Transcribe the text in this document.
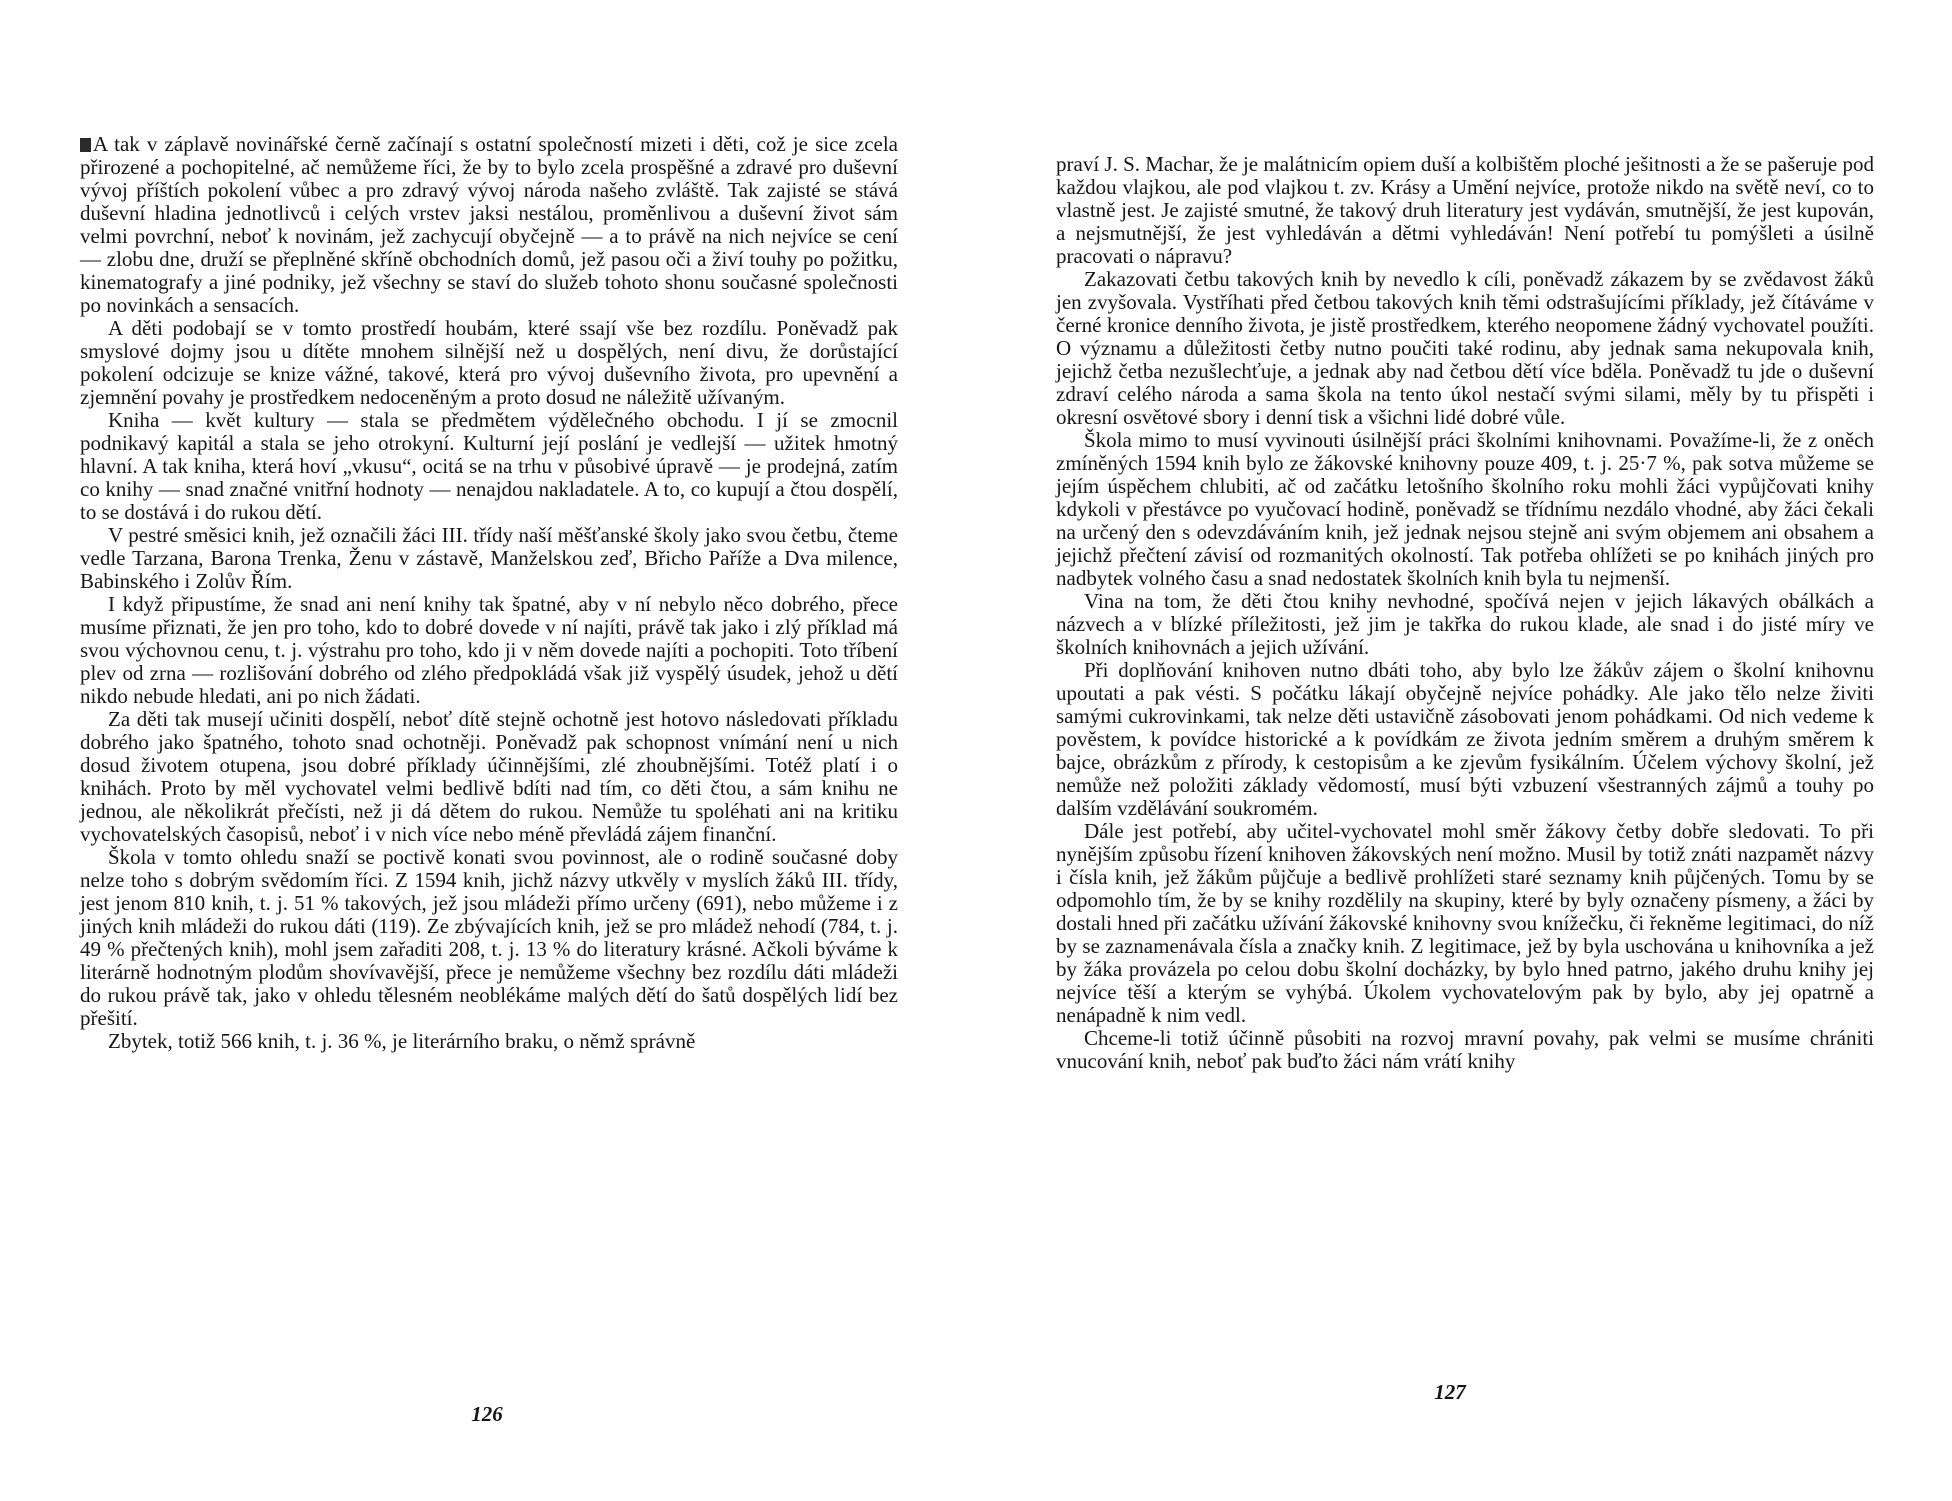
A tak v záplavě novinářské černě začínají s ostatní společností mizeti i děti, což je sice zcela přirozené a pochopitelné, ač nemůžeme říci, že by to bylo zcela prospěšné a zdravé pro duševní vývoj příštích pokolení vůbec a pro zdravý vývoj národa našeho zvláště. Tak zajisté se stává duševní hladina jednotlivců i celých vrstev jaksi nestálou, proměnlivou a duševní život sám velmi povrchní, neboť k novinám, jež zachycují obyčejně — a to právě na nich nejvíce se cení — zlobu dne, druží se přeplněné skříně obchodních domů, jež pasou oči a živí touhy po požitku, kinematografy a jiné podniky, jež všechny se staví do služeb tohoto shonu současné společnosti po novinkách a sensacích.

A děti podobají se v tomto prostředí houbám, které ssají vše bez rozdílu. Poněvadž pak smyslové dojmy jsou u dítěte mnohem silnější než u dospělých, není divu, že dorůstající pokolení odcizuje se knize vážné, takové, která pro vývoj duševního života, pro upevnění a zjemnění povahy je prostředkem nedoceněným a proto dosud ne náležitě užívaným.

Kniha — květ kultury — stala se předmětem výdělečného obchodu. I jí se zmocnil podnikavý kapitál a stala se jeho otrokyní. Kulturní její poslání je vedlejší — užitek hmotný hlavní. A tak kniha, která hoví „vkusu“, ocitá se na trhu v působivé úpravě — je prodejná, zatím co knihy — snad značné vnitřní hodnoty — nenajdou nakladatele. A to, co kupují a čtou dospělí, to se dostává i do rukou dětí.

V pestré směsici knih, jež označili žáci III. třídy naší měšťanské školy jako svou četbu, čteme vedle Tarzana, Barona Trenka, Ženu v zástavě, Manželskou zeď, Břicho Paříže a Dva milence, Babinského i Zolův Řím.

I když připustíme, že snad ani není knihy tak špatné, aby v ní nebylo něco dobrého, přece musíme přiznati, že jen pro toho, kdo to dobré dovede v ní najíti, právě tak jako i zlý příklad má svou výchovnou cenu, t. j. výstrahu pro toho, kdo ji v něm dovede najíti a pochopiti. Toto tříbení plev od zrna — rozlišování dobrého od zlého předpokládá však již vyspělý úsudek, jehož u dětí nikdo nebude hledati, ani po nich žádati.

Za děti tak musejí učiniti dospělí, neboť dítě stejně ochotně jest hotovo následovati příkladu dobrého jako špatného, tohoto snad ochotněji. Poněvadž pak schopnost vnímání není u nich dosud životem otupena, jsou dobré příklady účinnějšími, zlé zhoubnějšími. Totéž platí i o knihách. Proto by měl vychovatel velmi bedlivě bdíti nad tím, co děti čtou, a sám knihu ne jednou, ale několikrát přečísti, než ji dá dětem do rukou. Nemůže tu spoléhati ani na kritiku vychovatelských časopisů, neboť i v nich více nebo méně převládá zájem finanční.

Škola v tomto ohledu snaží se poctivě konati svou povinnost, ale o rodině současné doby nelze toho s dobrým svědomím říci. Z 1594 knih, jichž názvy utkvěly v myslích žáků III. třídy, jest jenom 810 knih, t. j. 51 % takových, jež jsou mládeži přímo určeny (691), nebo můžeme i z jiných knih mládeži do rukou dáti (119). Ze zbývajících knih, jež se pro mládež nehodí (784, t. j. 49 % přečtených knih), mohl jsem zařaditi 208, t. j. 13 % do literatury krásné. Ačkoli býváme k literárně hodnotným plodům shovívavější, přece je nemůžeme všechny bez rozdílu dáti mládeži do rukou právě tak, jako v ohledu tělesném neoblékáme malých dětí do šatů dospělých lidí bez přešití.

Zbytek, totiž 566 knih, t. j. 36 %, je literárního braku, o němž správně

126

praví J. S. Machar, že je malátnicím opiem duší a kolbištěm ploché ješitnosti a že se pašeruje pod každou vlajkou, ale pod vlajkou t. zv. Krásy a Umění nejvíce, protože nikdo na světě neví, co to vlastně jest. Je zajisté smutné, že takový druh literatury jest vydáván, smutnější, že jest kupován, a nejsmutnější, že jest vyhledáván a dětmi vyhledáván! Není potřebí tu pomýšleti a úsilně pracovati o nápravu?

Zakazovati četbu takových knih by nevedlo k cíli, poněvadž zákazem by se zvědavost žáků jen zvyšovala. Vystříhati před četbou takových knih těmi odstrašujícími příklady, jež čítáváme v černé kronice denního života, je jistě prostředkem, kterého neopomene žádný vychovatel použíti. O významu a důležitosti četby nutno poučiti také rodinu, aby jednak sama nekupovala knih, jejichž četba nezušlechťuje, a jednak aby nad četbou dětí více bděla. Poněvadž tu jde o duševní zdraví celého národa a sama škola na tento úkol nestačí svými silami, měly by tu přispěti i okresní osvětové sbory i denní tisk a všichni lidé dobré vůle.

Škola mimo to musí vyvinouti úsilnější práci školními knihovnami. Považíme-li, že z oněch zmíněných 1594 knih bylo ze žákovské knihovny pouze 409, t. j. 25·7 %, pak sotva můžeme se jejím úspěchem chlubiti, ač od začátku letošního školního roku mohli žáci vypůjčovati knihy kdykoli v přestávce po vyučovací hodině, poněvadž se třídnímu nezdálo vhodné, aby žáci čekali na určený den s odevzdáváním knih, jež jednak nejsou stejně ani svým objemem ani obsahem a jejichž přečtení závisí od rozmanitých okolností. Tak potřeba ohlížeti se po knihách jiných pro nadbytek volného času a snad nedostatek školních knih byla tu nejmenší.

Vina na tom, že děti čtou knihy nevhodné, spočívá nejen v jejich lákavých obálkách a názvech a v blízké příležitosti, jež jim je takřka do rukou klade, ale snad i do jisté míry ve školních knihovnách a jejich užívání.

Při doplňování knihoven nutno dbáti toho, aby bylo lze žákův zájem o školní knihovnu upoutati a pak vésti. S počátku lákají obyčejně nejvíce pohádky. Ale jako tělo nelze živiti samými cukrovinkami, tak nelze děti ustavičně zásobovati jenom pohádkami. Od nich vedeme k pověstem, k povídce historické a k povídkám ze života jedním směrem a druhým směrem k bajce, obrázkům z přírody, k cestopisům a ke zjevům fysikálním. Účelem výchovy školní, jež nemůže než položiti základy vědomostí, musí býti vzbuzení všestranných zájmů a touhy po dalším vzdělávání soukromém.

Dále jest potřebí, aby učitel-vychovatel mohl směr žákovy četby dobře sledovati. To při nynějším způsobu řízení knihoven žákovských není možno. Musil by totiž znáti nazpamět názvy i čísla knih, jež žákům půjčuje a bedlivě prohlížeti staré seznamy knih půjčených. Tomu by se odpomohlo tím, že by se knihy rozdělily na skupiny, které by byly označeny písmeny, a žáci by dostali hned při začátku užívání žákovské knihovny svou knížečku, či řekněme legitimaci, do níž by se zaznamenávala čísla a značky knih. Z legitimace, jež by byla uschována u knihovníka a jež by žáka provázela po celou dobu školní docházky, by bylo hned patrno, jakého druhu knihy jej nejvíce těší a kterým se vyhýbá. Úkolem vychovatelovým pak by bylo, aby jej opatrně a nenápadně k nim vedl.

Chceme-li totiž účinně působiti na rozvoj mravní povahy, pak velmi se musíme chrániti vnucování knih, neboť pak buďto žáci nám vrátí knihy

127
